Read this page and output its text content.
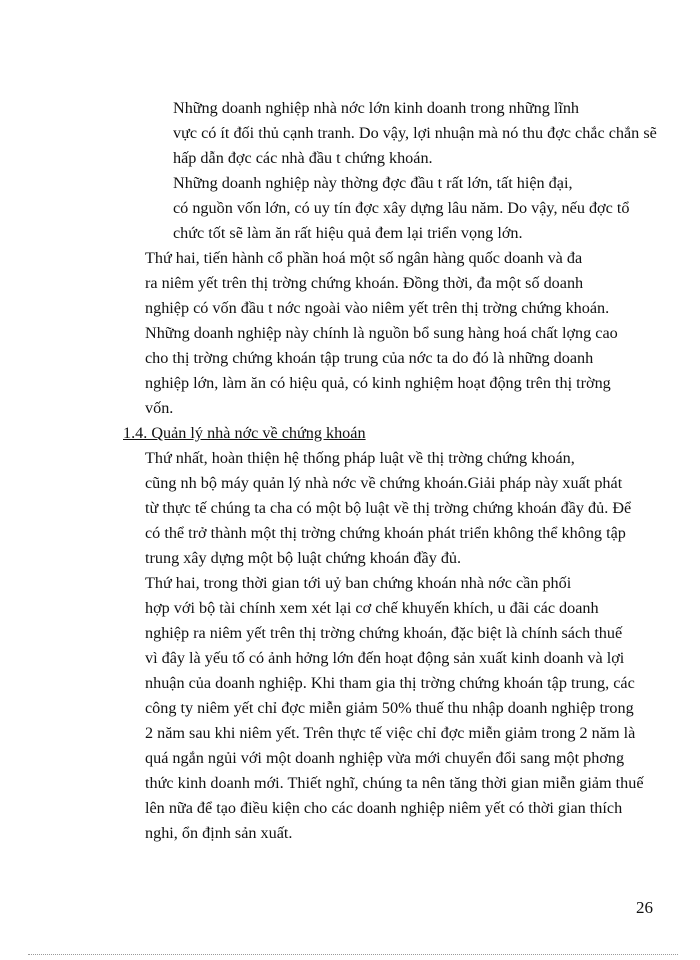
Những doanh nghiệp nhà nớc lớn kinh doanh trong những lĩnh
vực có ít đối thủ cạnh tranh. Do vậy, lợi nhuận mà nó thu đợc chắc chắn sẽ
hấp dẫn đợc các nhà đầu t chứng khoán.

Những doanh nghiệp này thờng đợc đầu t rất lớn, tất hiện đại,
có nguồn vốn lớn, có uy tín đợc xây dựng lâu năm. Do vậy, nếu đợc tổ
chức tốt sẽ làm ăn rất hiệu quả đem lại triển vọng lớn.

Thứ hai, tiến hành cổ phần hoá một số ngân hàng quốc doanh và đa
ra niêm yết trên thị trờng chứng khoán. Đồng thời, đa một số doanh
nghiệp có vốn đầu t nớc ngoài vào niêm yết trên thị trờng chứng khoán.
Những doanh nghiệp này chính là nguồn bổ sung hàng hoá chất lợng cao
cho thị trờng chứng khoán tập trung của nớc ta do đó là những doanh
nghiệp lớn, làm ăn có hiệu quả, có kinh nghiệm hoạt động trên thị trờng
vốn.

1.4. Quản lý nhà nớc về chứng khoán

Thứ nhất, hoàn thiện hệ thống pháp luật về thị trờng chứng khoán,
cũng nh bộ máy quản lý nhà nớc về chứng khoán.Giải pháp này xuất phát
từ thực tế chúng ta cha có một bộ luật về thị trờng chứng khoán đầy đủ. Để
có thể trở thành một thị trờng chứng khoán phát triển không thể không tập
trung xây dựng một bộ luật chứng khoán đầy đủ.

Thứ hai, trong thời gian tới uỷ ban chứng khoán nhà nớc cần phối
hợp với bộ tài chính xem xét lại cơ chế khuyến khích, u đãi các doanh
nghiệp ra niêm yết trên thị trờng chứng khoán, đặc biệt là chính sách thuế
vì đây là yếu tố có ảnh hởng lớn đến hoạt động sản xuất kinh doanh và lợi
nhuận của doanh nghiệp. Khi tham gia thị trờng chứng khoán tập trung, các
công ty niêm yết chỉ đợc miễn giảm 50% thuế thu nhập doanh nghiệp trong
2 năm sau khi niêm yết. Trên thực tế việc chỉ đợc miễn giảm trong 2 năm là
quá ngắn ngủi với một doanh nghiệp vừa mới chuyển đổi sang một phơng
thức kinh doanh mới. Thiết nghĩ, chúng ta nên tăng thời gian miễn giảm thuế
lên nữa để tạo điều kiện cho các doanh nghiệp niêm yết có thời gian thích
nghi, ổn định sản xuất.

26
